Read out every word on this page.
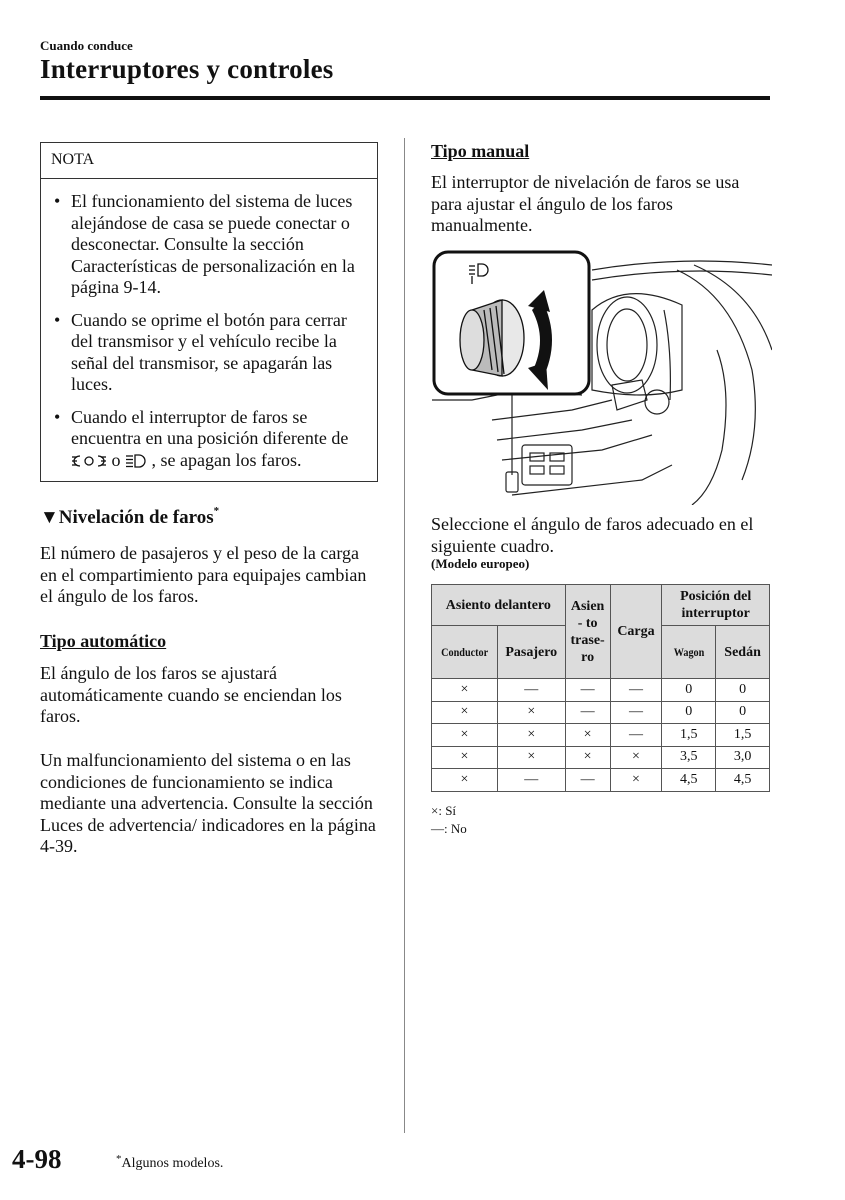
Cuando conduce
Interruptores y controles
NOTA
• El funcionamiento del sistema de luces alejándose de casa se puede conectar o desconectar. Consulte la sección Características de personalización en la página 9-14.
• Cuando se oprime el botón para cerrar del transmisor y el vehículo recibe la señal del transmisor, se apagarán las luces.
• Cuando el interruptor de faros se encuentra en una posición diferente de  o , se apagan los faros.
▼Nivelación de faros*
El número de pasajeros y el peso de la carga en el compartimiento para equipajes cambian el ángulo de los faros.
Tipo automático
El ángulo de los faros se ajustará automáticamente cuando se enciendan los faros.
Un malfuncionamiento del sistema o en las condiciones de funcionamiento se indica mediante una advertencia. Consulte la sección Luces de advertencia/ indicadores en la página 4-39.
Tipo manual
El interruptor de nivelación de faros se usa para ajustar el ángulo de los faros manualmente.
Seleccione el ángulo de faros adecuado en el siguiente cuadro.
(Modelo europeo)
Asiento delantero		Asien- to trase- ro	Carga	Posición del interruptor	
Conductor	Pasajero			Wagon	Sedán
×	—	—	—	0	0
×	×	—	—	0	0
×	×	×	—	1,5	1,5
×	×	×	×	3,5	3,0
×	—	—	×	4,5	4,5
×: Sí
—: No
4-98	*Algunos modelos.
